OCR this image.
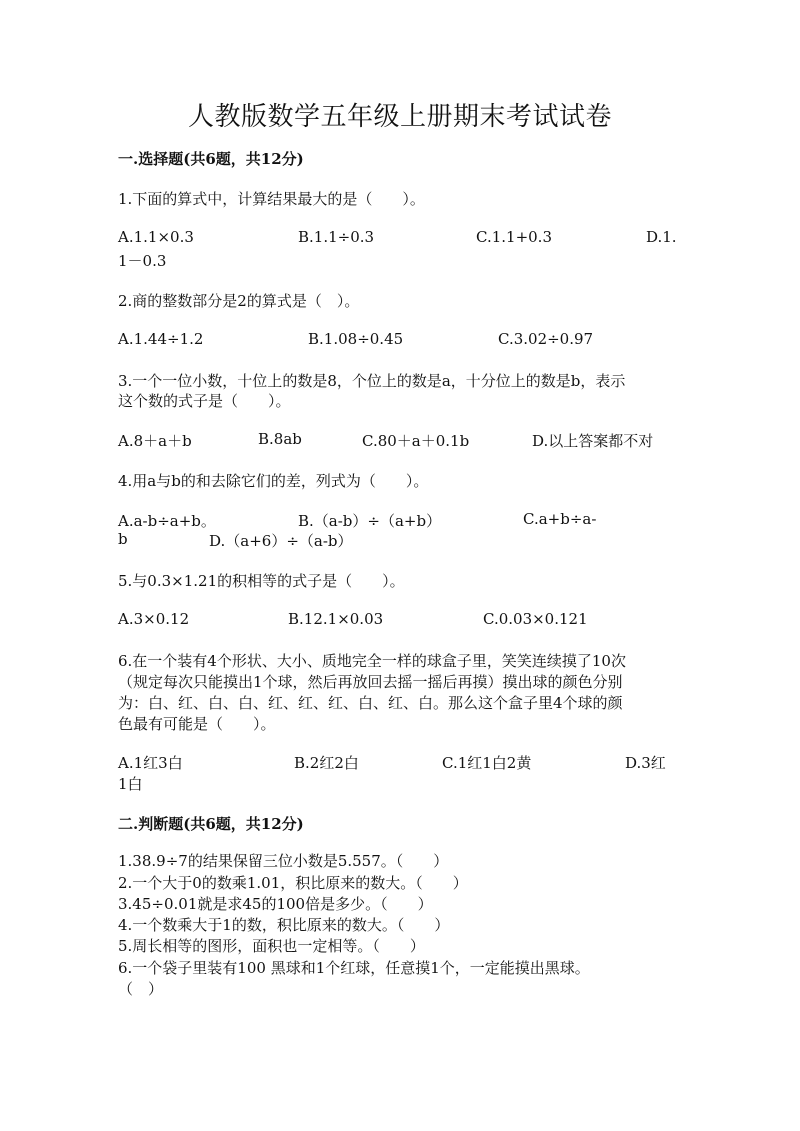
人教版数学五年级上册期末考试试卷
一.选择题(共6题，共12分)
1.下面的算式中，计算结果最大的是（　　）。
A.1.1×0.3	B.1.1÷0.3	C.1.1+0.3	D.1.
1－0.3
2.商的整数部分是2的算式是（　）。
A.1.44÷1.2	B.1.08÷0.45	C.3.02÷0.97
3.一个一位小数，十位上的数是8，个位上的数是a，十分位上的数是b，表示
这个数的式子是（　　）。
A.8＋a＋b	B.8ab	C.80＋a＋0.1b	D.以上答案都不对
4.用a与b的和去除它们的差，列式为（　　）。
A.a-b÷a+b。	B.（a-b）÷（a+b）	C.a+b÷a-
b	D.（a+6）÷（a-b）
5.与0.3×1.21的积相等的式子是（　　）。
A.3×0.12	B.12.1×0.03	C.0.03×0.121
6.在一个装有4个形状、大小、质地完全一样的球盒子里，笑笑连续摸了10次
（规定每次只能摸出1个球，然后再放回去摇一摇后再摸）摸出球的颜色分别
为：白、红、白、白、红、红、红、白、红、白。那么这个盒子里4个球的颜
色最有可能是（　　）。
A.1红3白	B.2红2白	C.1红1白2黄	D.3红
1白
二.判断题(共6题，共12分)
1.38.9÷7的结果保留三位小数是5.557。（　　）
2.一个大于0的数乘1.01，积比原来的数大。（　　）
3.45÷0.01就是求45的100倍是多少。（　　）
4.一个数乘大于1的数，积比原来的数大。（　　）
5.周长相等的图形，面积也一定相等。（　　）
6.一个袋子里装有100 黑球和1个红球，任意摸1个，一定能摸出黑球。
（　）
